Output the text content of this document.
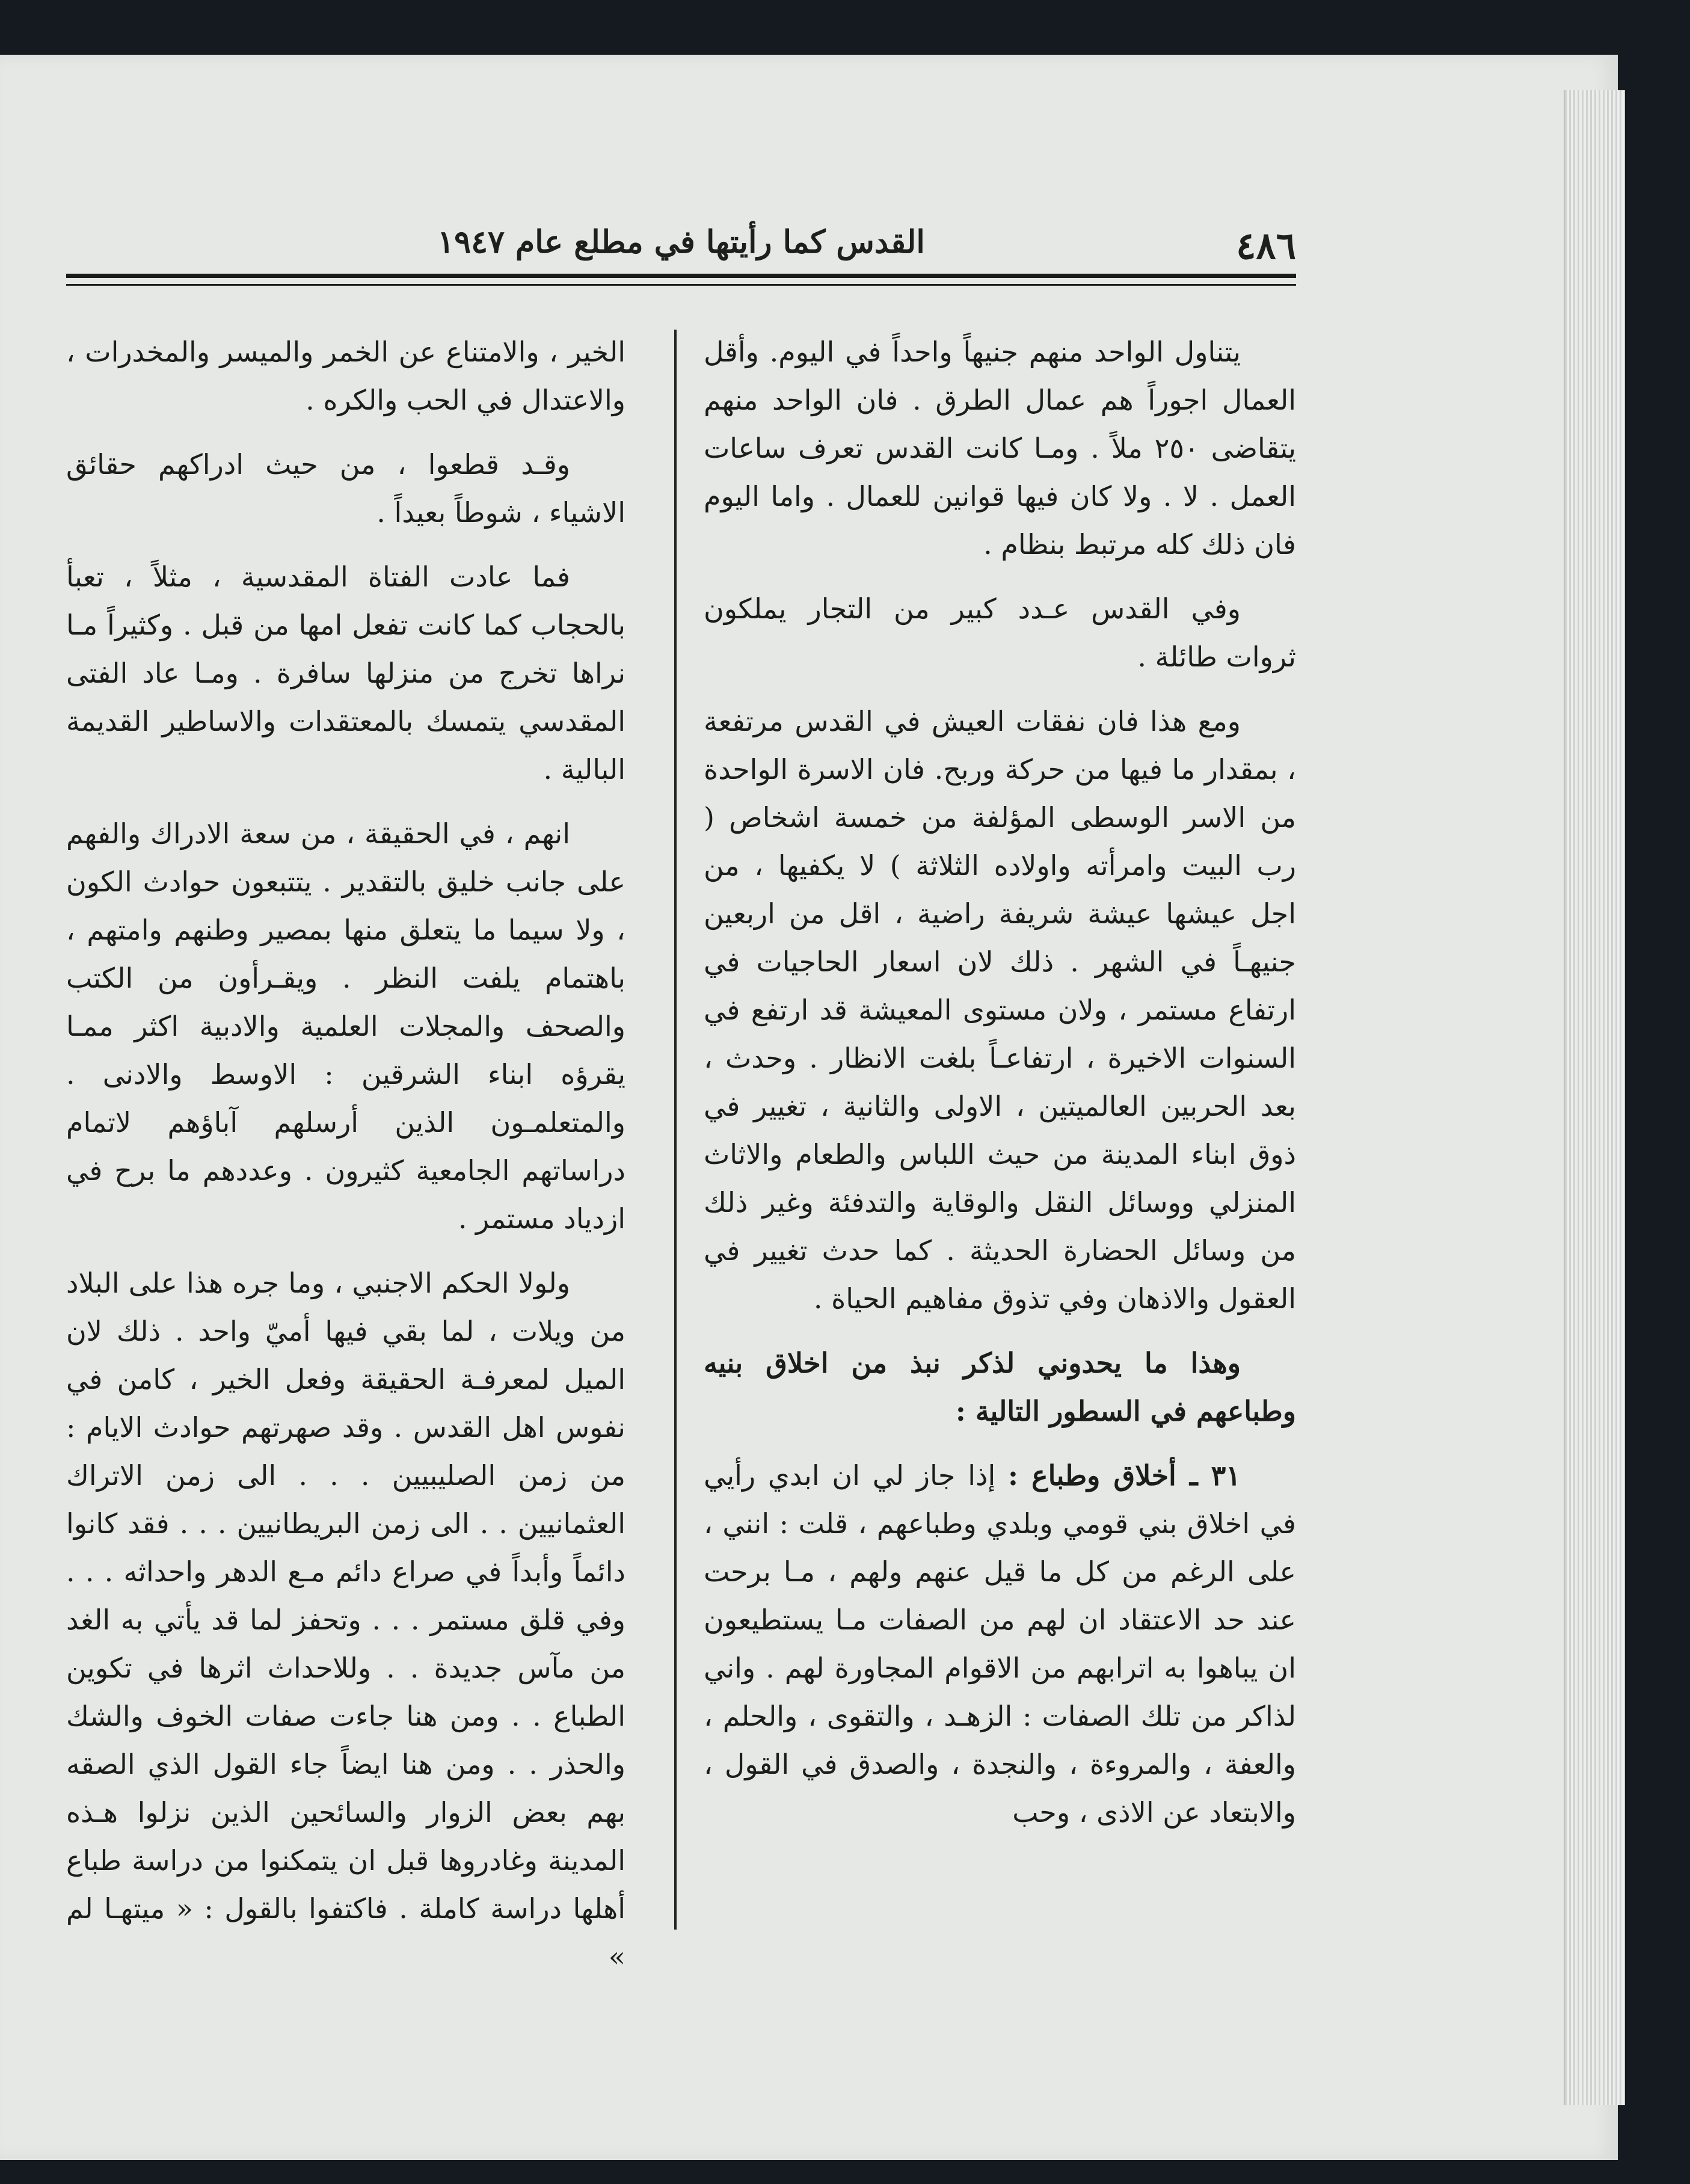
٤٨٦
القدس كما رأيتها في مطلع عام ١٩٤٧

يتناول الواحد منهم جنيهاً واحداً في اليوم. وأقل العمال اجوراً هم عمال الطرق . فان الواحد منهم يتقاضى ٢٥٠ ملاً . ومـا كانت القدس تعرف ساعات العمل . لا . ولا كان فيها قوانين للعمال . واما اليوم فان ذلك كله مرتبط بنظام .

وفي القدس عـدد كبير من التجار يملكون ثروات طائلة .

ومع هذا فان نفقات العيش في القدس مرتفعة ، بمقدار ما فيها من حركة وربح. فان الاسرة الواحدة من الاسر الوسطى المؤلفة من خمسة اشخاص ( رب البيت وامرأته واولاده الثلاثة ) لا يكفيها ، من اجل عيشها عيشة شريفة راضية ، اقل من اربعين جنيهـاً في الشهر . ذلك لان اسعار الحاجيات في ارتفاع مستمر ، ولان مستوى المعيشة قد ارتفع في السنوات الاخيرة ، ارتفاعـاً بلغت الانظار . وحدث ، بعد الحربين العالميتين ، الاولى والثانية ، تغيير في ذوق ابناء المدينة من حيث اللباس والطعام والاثاث المنزلي ووسائل النقل والوقاية والتدفئة وغير ذلك من وسائل الحضارة الحديثة . كما حدث تغيير في العقول والاذهان وفي تذوق مفاهيم الحياة .

وهذا ما يحدوني لذكر نبذ من اخلاق بنيه وطباعهم في السطور التالية :

٣١ ـ أخلاق وطباع : إذا جاز لي ان ابدي رأيي في اخلاق بني قومي وبلدي وطباعهم ، قلت : انني ، على الرغم من كل ما قيل عنهم ولهم ، مـا برحت عند حد الاعتقاد ان لهم من الصفات مـا يستطيعون ان يباهوا به اترابهم من الاقوام المجاورة لهم . واني لذاكر من تلك الصفات : الزهـد ، والتقوى ، والحلم ، والعفة ، والمروءة ، والنجدة ، والصدق في القول ، والابتعاد عن الاذى ، وحب

الخير ، والامتناع عن الخمر والميسر والمخدرات ، والاعتدال في الحب والكره .

وقـد قطعوا ، من حيث ادراكهم حقائق الاشياء ، شوطاً بعيداً .

فما عادت الفتاة المقدسية ، مثلاً ، تعبأ بالحجاب كما كانت تفعل امها من قبل . وكثيراً مـا نراها تخرج من منزلها سافرة . ومـا عاد الفتى المقدسي يتمسك بالمعتقدات والاساطير القديمة البالية .

انهم ، في الحقيقة ، من سعة الادراك والفهم على جانب خليق بالتقدير . يتتبعون حوادث الكون ، ولا سيما ما يتعلق منها بمصير وطنهم وامتهم ، باهتمام يلفت النظر . ويقـرأون من الكتب والصحف والمجلات العلمية والادبية اكثر ممـا يقرؤه ابناء الشرقين : الاوسط والادنى . والمتعلمـون الذين أرسلهم آباؤهم لاتمام دراساتهم الجامعية كثيرون . وعددهم ما برح في ازدياد مستمر .

ولولا الحكم الاجنبي ، وما جره هذا على البلاد من ويلات ، لما بقي فيها أميّ واحد . ذلك لان الميل لمعرفـة الحقيقة وفعل الخير ، كامن في نفوس اهل القدس . وقد صهرتهم حوادث الايام : من زمن الصليبيين . . . الى زمن الاتراك العثمانيين . . الى زمن البريطانيين . . . فقد كانوا دائماً وأبداً في صراع دائم مـع الدهر واحداثه . . . وفي قلق مستمر . . . وتحفز لما قد يأتي به الغد من مآس جديدة . . وللاحداث اثرها في تكوين الطباع . . ومن هنا جاءت صفات الخوف والشك والحذر . . ومن هنا ايضاً جاء القول الذي الصقه بهم بعض الزوار والسائحين الذين نزلوا هـذه المدينة وغادروها قبل ان يتمكنوا من دراسة طباع أهلها دراسة كاملة . فاكتفوا بالقول : « ميتهـا لم »
